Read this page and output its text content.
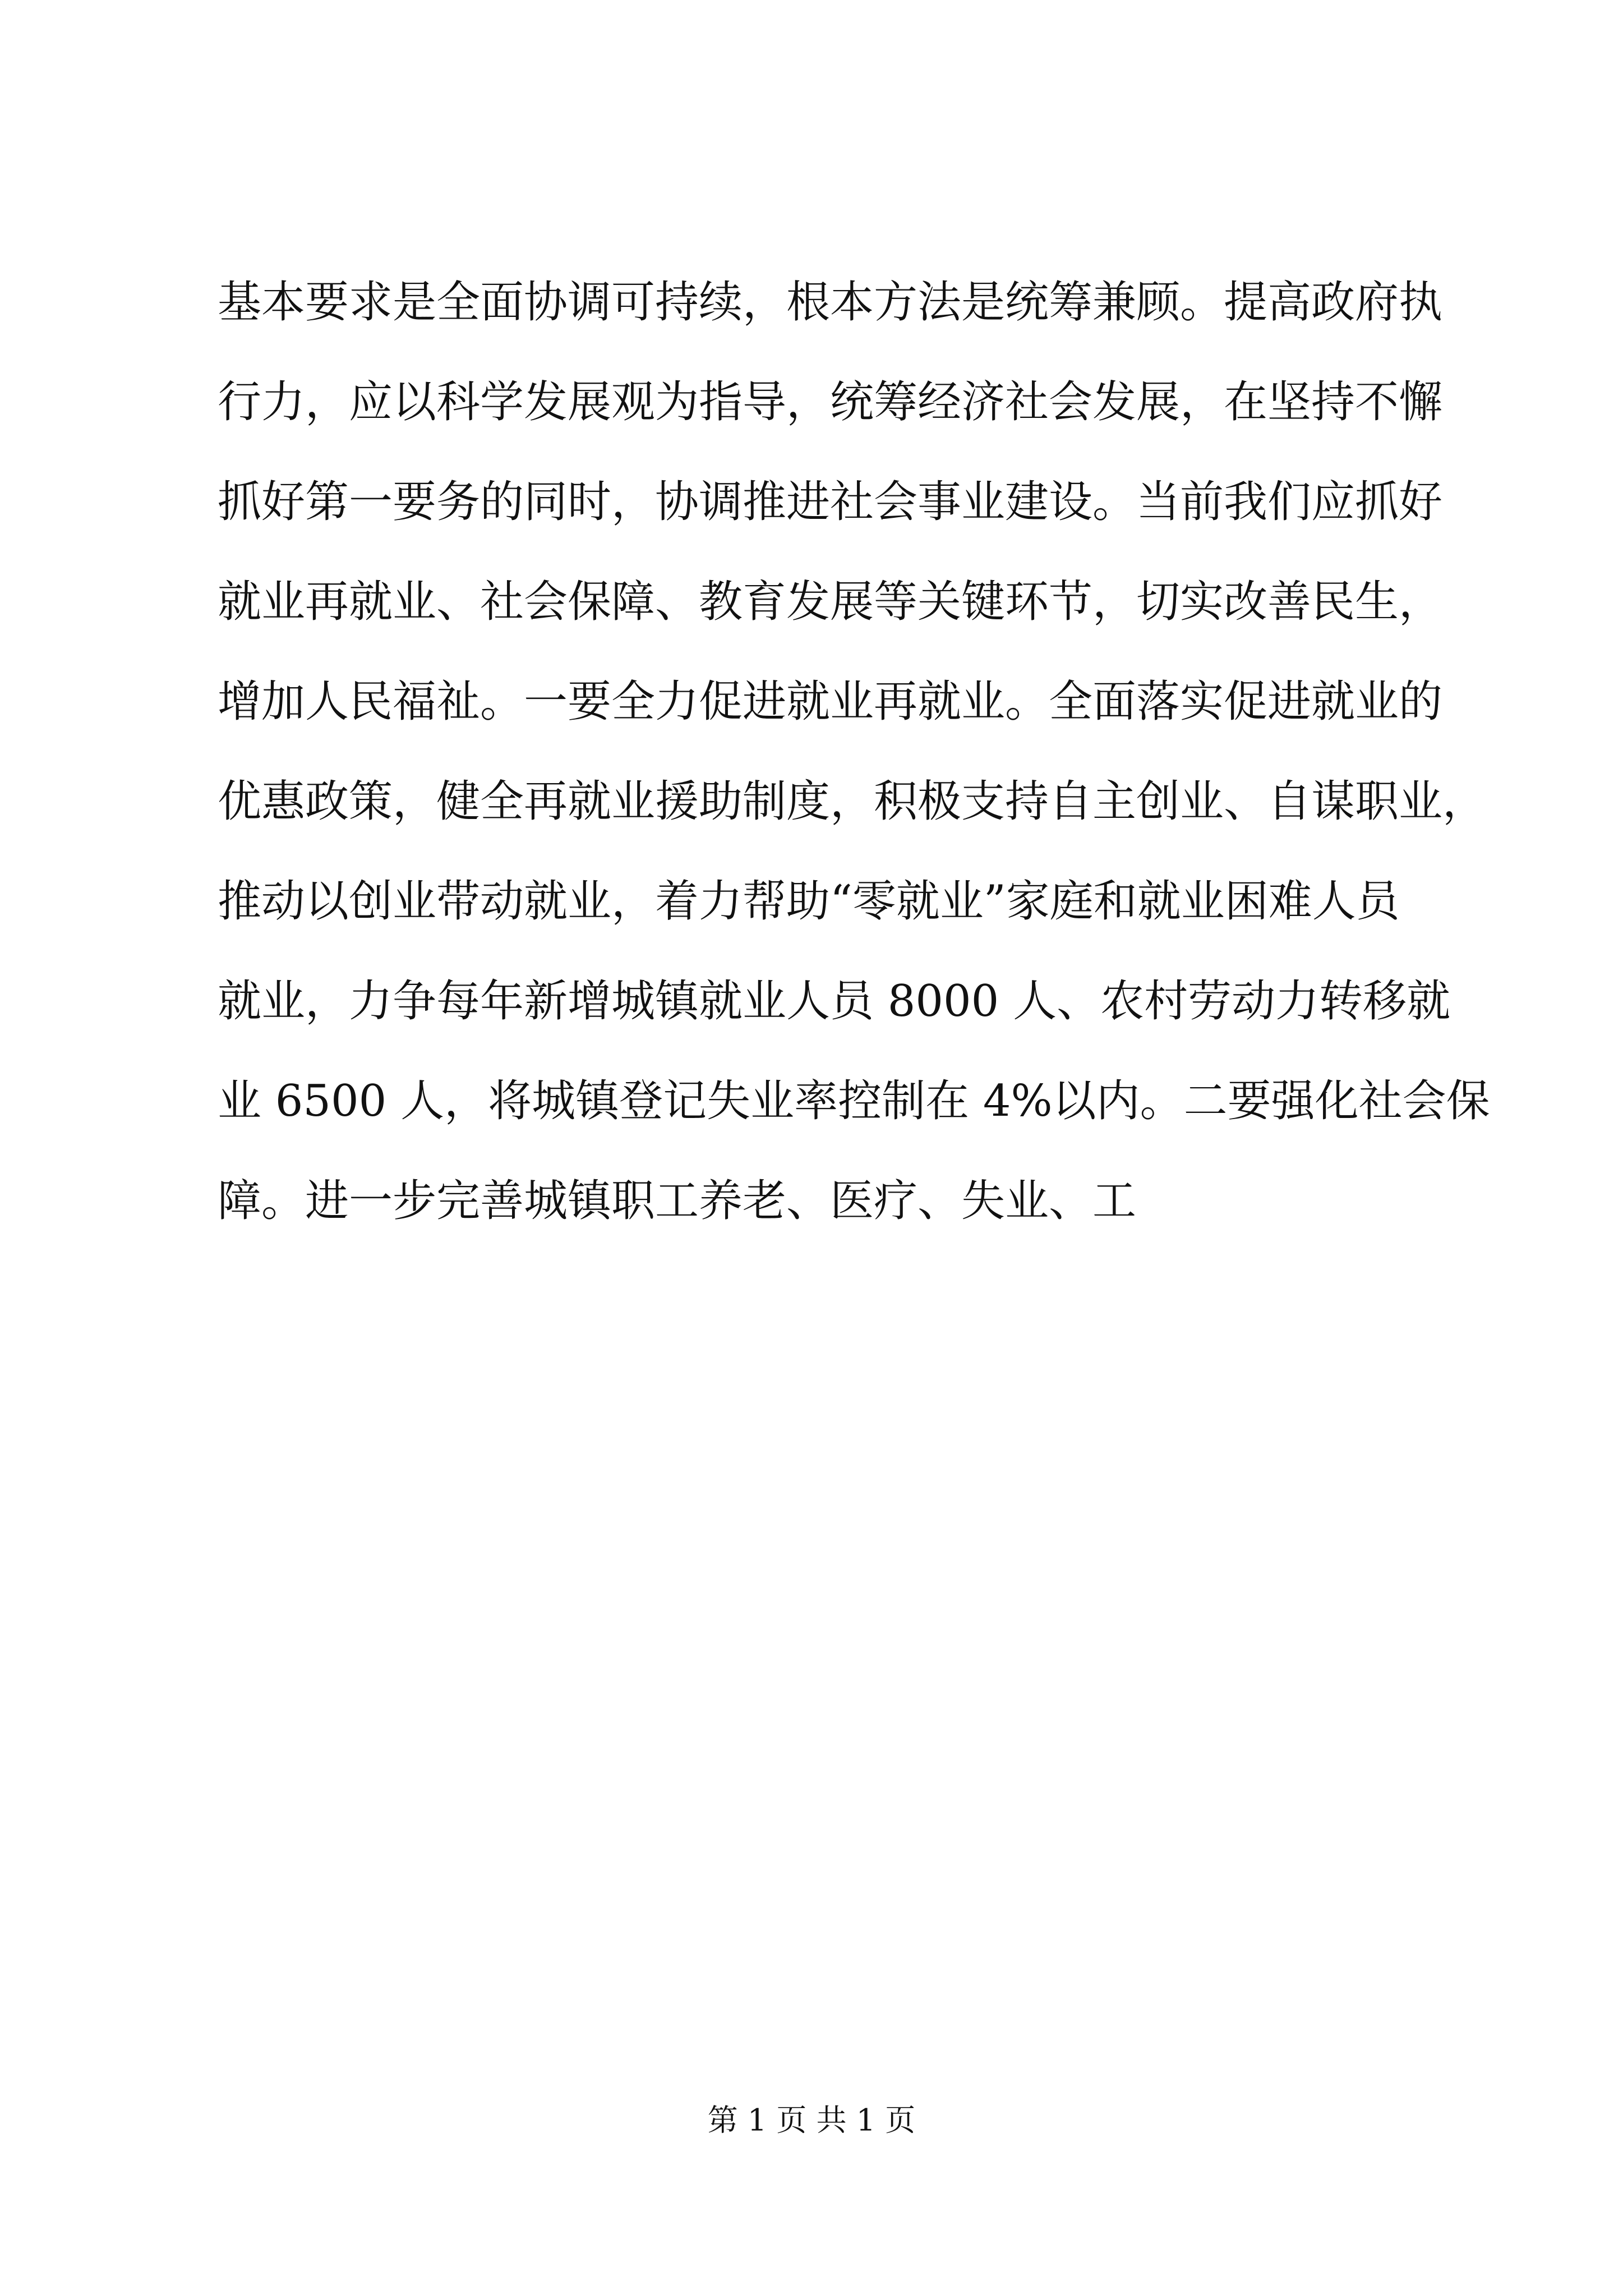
基本要求是全面协调可持续，根本方法是统筹兼顾。提高政府执
行力，应以科学发展观为指导，统筹经济社会发展，在坚持不懈
抓好第一要务的同时，协调推进社会事业建设。当前我们应抓好
就业再就业、社会保障、教育发展等关键环节，切实改善民生，
增加人民福祉。一要全力促进就业再就业。全面落实促进就业的
优惠政策，健全再就业援助制度，积极支持自主创业、自谋职业，
推动以创业带动就业，着力帮助“零就业”家庭和就业困难人员
就业，力争每年新增城镇就业人员 8000 人、农村劳动力转移就
业 6500 人，将城镇登记失业率控制在 4%以内。二要强化社会保
障。进一步完善城镇职工养老、医疗、失业、工
第 1 页 共 1 页
